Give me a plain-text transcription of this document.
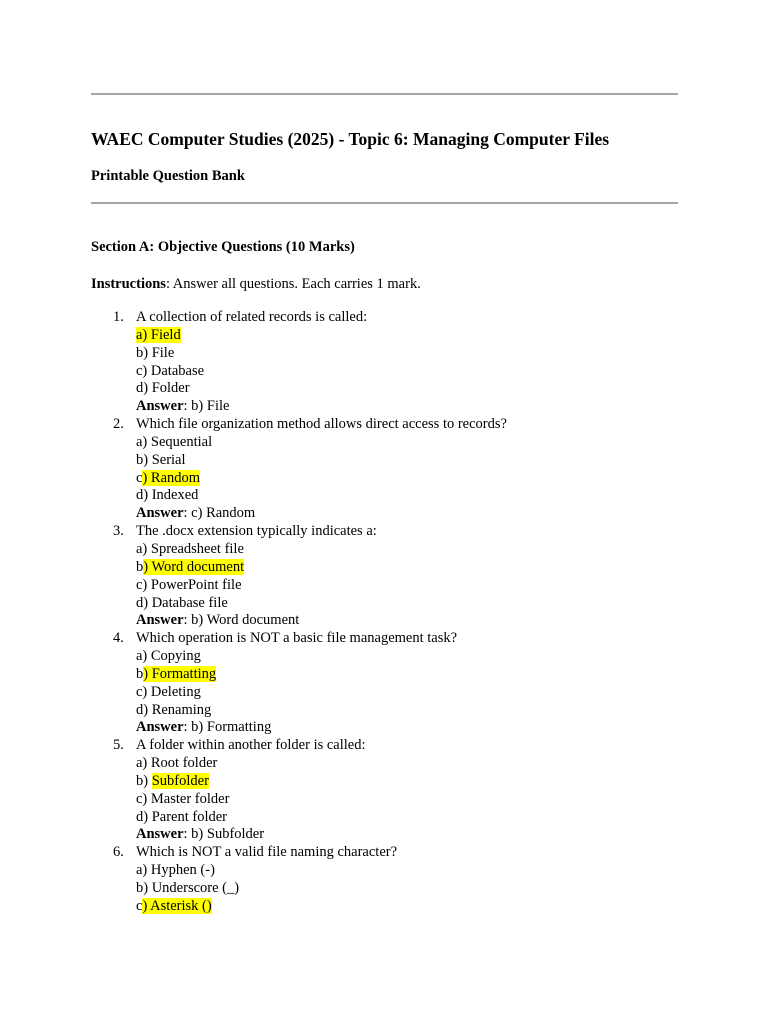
WAEC Computer Studies (2025) - Topic 6: Managing Computer Files
Printable Question Bank
Section A: Objective Questions (10 Marks)
Instructions: Answer all questions. Each carries 1 mark.
1. A collection of related records is called:
a) Field
b) File
c) Database
d) Folder
Answer: b) File
2. Which file organization method allows direct access to records?
a) Sequential
b) Serial
c) Random
d) Indexed
Answer: c) Random
3. The .docx extension typically indicates a:
a) Spreadsheet file
b) Word document
c) PowerPoint file
d) Database file
Answer: b) Word document
4. Which operation is NOT a basic file management task?
a) Copying
b) Formatting
c) Deleting
d) Renaming
Answer: b) Formatting
5. A folder within another folder is called:
a) Root folder
b) Subfolder
c) Master folder
d) Parent folder
Answer: b) Subfolder
6. Which is NOT a valid file naming character?
a) Hyphen (-)
b) Underscore (_)
c) Asterisk ()
